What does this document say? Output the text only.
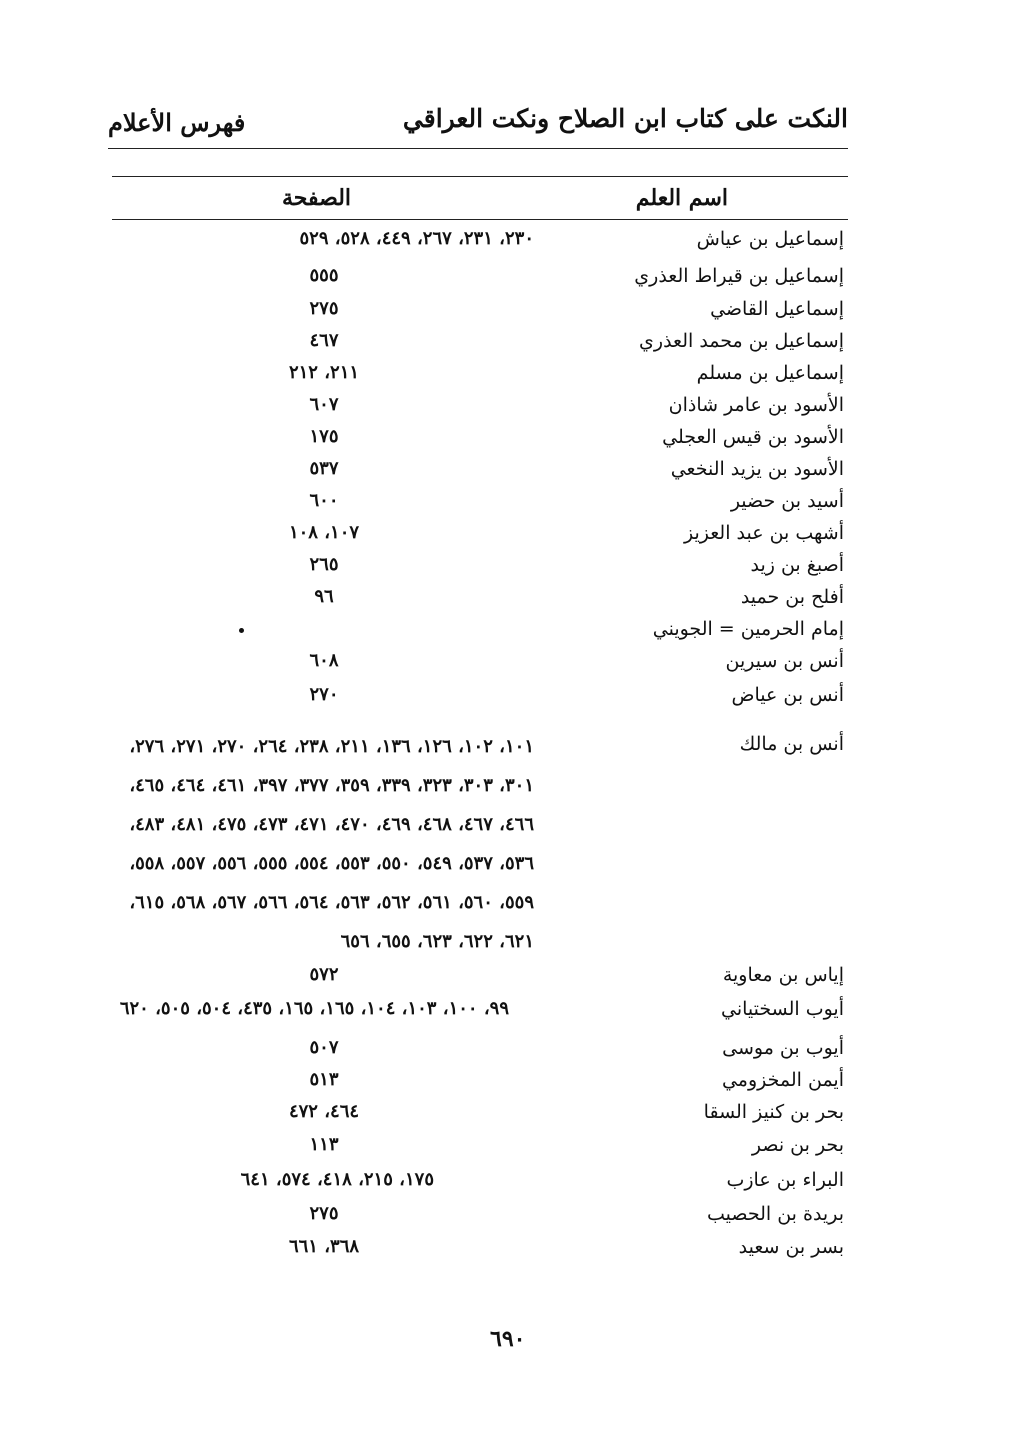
النكت على كتاب ابن الصلاح ونكت العراقي
فهرس الأعلام
اسم العلم
الصفحة
إسماعيل بن عياش
٢٣٠، ٢٣١، ٢٦٧، ٤٤٩، ٥٢٨، ٥٢٩
إسماعيل بن قيراط العذري
٥٥٥
إسماعيل القاضي
٢٧٥
إسماعيل بن محمد العذري
٤٦٧
إسماعيل بن مسلم
٢١١، ٢١٢
الأسود بن عامر شاذان
٦٠٧
الأسود بن قيس العجلي
١٧٥
الأسود بن يزيد النخعي
٥٣٧
أسيد بن حضير
٦٠٠
أشهب بن عبد العزيز
١٠٧، ١٠٨
أصبغ بن زيد
٢٦٥
أفلح بن حميد
٩٦
إمام الحرمين = الجويني
أنس بن سيرين
٦٠٨
أنس بن عياض
٢٧٠
أنس بن مالك
إياس بن معاوية
٥٧٢
أيوب السختياني
٩٩، ١٠٠، ١٠٣، ١٠٤، ١٦٥، ١٦٥، ٤٣٥، ٥٠٤، ٥٠٥، ٦٢٠
أيوب بن موسى
٥٠٧
أيمن المخزومي
٥١٣
بحر بن كنيز السقا
٤٦٤، ٤٧٢
بحر بن نصر
١١٣
البراء بن عازب
١٧٥، ٢١٥، ٤١٨، ٥٧٤، ٦٤١
بريدة بن الحصيب
٢٧٥
بسر بن سعيد
٣٦٨، ٦٦١
١٠١، ١٠٢، ١٢٦، ١٣٦، ٢١١، ٢٣٨، ٢٦٤، ٢٧٠، ٢٧١، ٢٧٦،
٣٠١، ٣٠٣، ٣٢٣، ٣٣٩، ٣٥٩، ٣٧٧، ٣٩٧، ٤٦١، ٤٦٤، ٤٦٥،
٤٦٦، ٤٦٧، ٤٦٨، ٤٦٩، ٤٧٠، ٤٧١، ٤٧٣، ٤٧٥، ٤٨١، ٤٨٣،
٥٣٦، ٥٣٧، ٥٤٩، ٥٥٠، ٥٥٣، ٥٥٤، ٥٥٥، ٥٥٦، ٥٥٧، ٥٥٨،
٥٥٩، ٥٦٠، ٥٦١، ٥٦٢، ٥٦٣، ٥٦٤، ٥٦٦، ٥٦٧، ٥٦٨، ٦١٥،
٦٢١، ٦٢٢، ٦٢٣، ٦٥٥، ٦٥٦
٦٩٠
